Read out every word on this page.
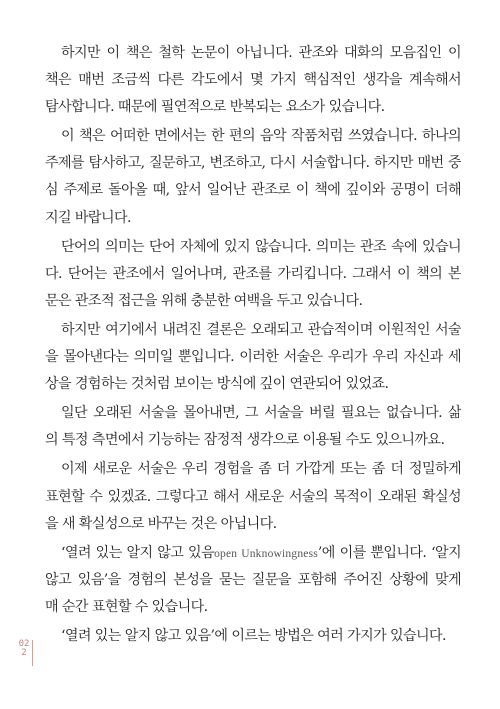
하지만 이 책은 철학 논문이 아닙니다. 관조와 대화의 모음집인 이
책은 매번 조금씩 다른 각도에서 몇 가지 핵심적인 생각을 계속해서
탐사합니다. 때문에 필연적으로 반복되는 요소가 있습니다.
이 책은 어떠한 면에서는 한 편의 음악 작품처럼 쓰였습니다. 하나의
주제를 탐사하고, 질문하고, 변조하고, 다시 서술합니다. 하지만 매번 중
심 주제로 돌아올 때, 앞서 일어난 관조로 이 책에 깊이와 공명이 더해
지길 바랍니다.
단어의 의미는 단어 자체에 있지 않습니다. 의미는 관조 속에 있습니
다. 단어는 관조에서 일어나며, 관조를 가리킵니다. 그래서 이 책의 본
문은 관조적 접근을 위해 충분한 여백을 두고 있습니다.
하지만 여기에서 내려진 결론은 오래되고 관습적이며 이원적인 서술
을 몰아낸다는 의미일 뿐입니다. 이러한 서술은 우리가 우리 자신과 세
상을 경험하는 것처럼 보이는 방식에 깊이 연관되어 있었죠.
일단 오래된 서술을 몰아내면, 그 서술을 버릴 필요는 없습니다. 삶
의 특정 측면에서 기능하는 잠정적 생각으로 이용될 수도 있으니까요.
이제 새로운 서술은 우리 경험을 좀 더 가깝게 또는 좀 더 정밀하게
표현할 수 있겠죠. 그렇다고 해서 새로운 서술의 목적이 오래된 확실성
을 새 확실성으로 바꾸는 것은 아닙니다.
‘열려 있는 알지 않고 있음open Unknowingness’에 이를 뿐입니다. ‘알지
않고 있음’을 경험의 본성을 묻는 질문을 포함해 주어진 상황에 맞게
매 순간 표현할 수 있습니다.
‘열려 있는 알지 않고 있음’에 이르는 방법은 여러 가지가 있습니다.
022
